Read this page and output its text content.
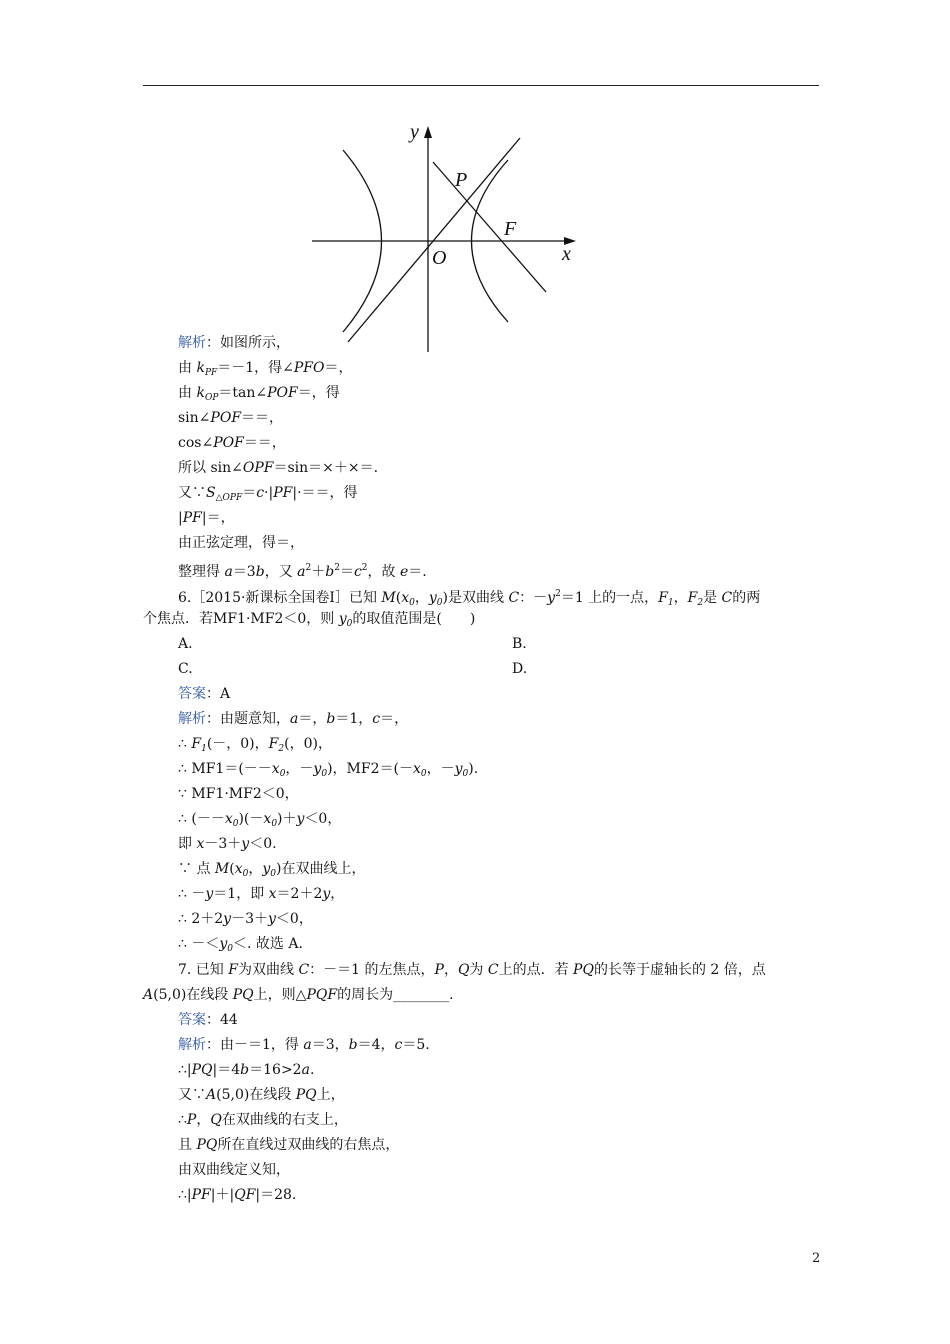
y
x
O
P
F
解析：如图所示，
由 $k_{PF}=-1$，得∠PFO＝，
由 $k_{OP}=\tan\angle POF=$，得
sin∠POF＝＝，
cos∠POF＝＝，
所以 sin∠OPF＝sin＝×＋×＝.
又$\because S_{\triangle OPF}=c\cdot|PF|\cdot==$，得
|PF|＝，
由正弦定理，得＝，
整理得 a＝3b，又 $a^2+b^2=c^2$，故 e＝.
6.［2015·新课标全国卷Ⅰ］已知 $M(x_0$，$y_0$)是双曲线 C：$-y^2=1$ 上的一点，$F_1$，$F_2$是 C的两
个焦点．若MF1·MF2＜0，则 $y_0$的取值范围是(　　)
A.	B.
C.	D.
答案：A
解析：由题意知，a＝，b＝1，c＝，
∴ $F_1(-$，0)，$F_2$(，0)，
∴ $MF1=(--x_0$，$-y_0$)，$MF2=(-x_0$，$-y_0$).
∵ MF1·MF2＜0，
∴ $(--x_0)(-x_0)+y<0$，
即 x－3＋y＜0.
∵ 点 $M(x_0$，$y_0$)在双曲线上，
∴ －y＝1，即 x＝2＋2y，
∴ 2＋2y－3＋y＜0，
∴ $-<y_0<$. 故选 A.
7. 已知 F为双曲线 C：－＝1 的左焦点，P，Q为 C上的点．若 PQ的长等于虚轴长的 2 倍，点
A(5,0)在线段 PQ上，则△PQF的周长为________.
答案：44
解析：由－＝1，得 a＝3，b＝4，c＝5.
∴|PQ|＝4b＝16>2a.
又∵A(5,0)在线段 PQ上，
∴P，Q在双曲线的右支上，
且 PQ所在直线过双曲线的右焦点，
由双曲线定义知，
∴|PF|＋|QF|＝28.
2
